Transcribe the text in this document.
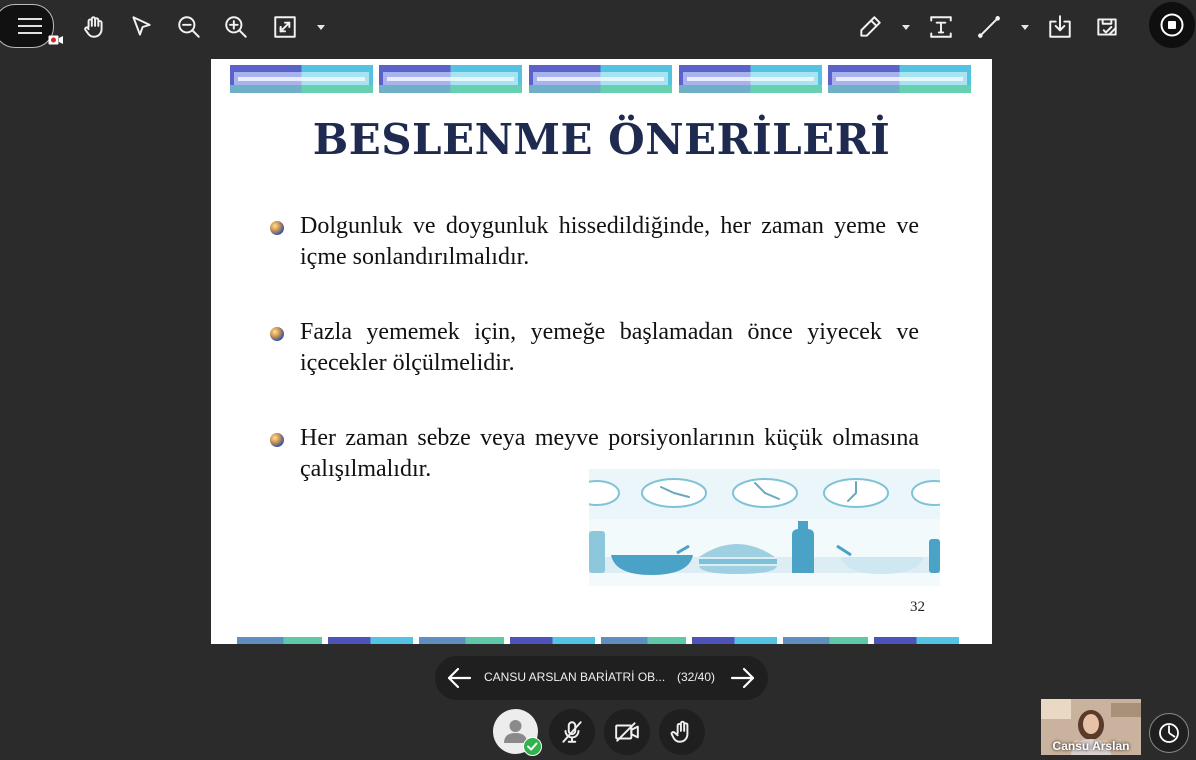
BESLENME ÖNERİLERİ
Dolgunluk ve doygunluk hissedildiğinde, her zaman yeme ve içme sonlandırılmalıdır.
Fazla yememek için, yemeğe başlamadan önce yiyecek ve içecekler ölçülmelidir.
Her zaman sebze veya meyve porsiyonlarının küçük olmasına çalışılmalıdır.
32
CANSU ARSLAN BARİATRİ OB... (32/40)
Cansu Arslan
